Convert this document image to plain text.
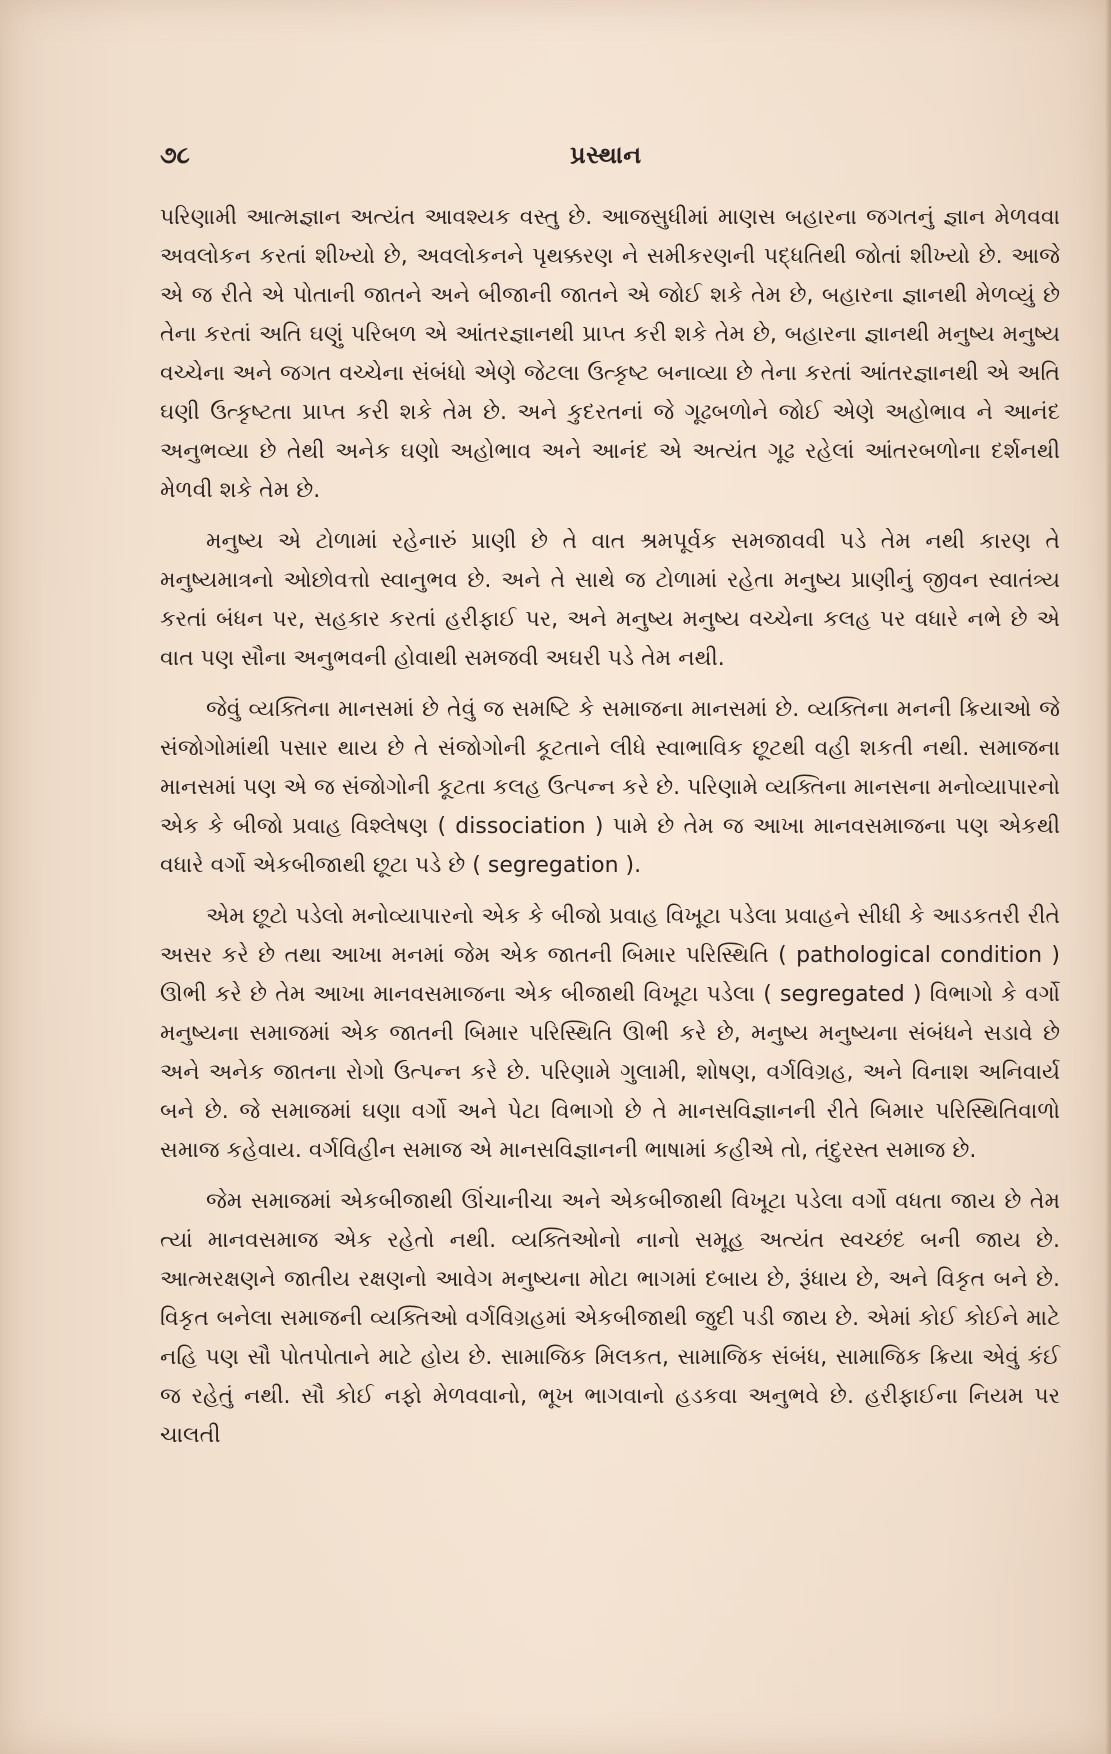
૭૮	પ્રસ્થાન

પરિણામી આત્મજ્ઞાન અત્યંત આવશ્યક વસ્તુ છે. આજસુધીમાં માણસ બહારના જગતનું જ્ઞાન મેળવવા અવલોકન કરતાં શીખ્યો છે, અવલોકનને પૃથક્કરણ ને સમીકરણની પદ્ધતિથી જોતાં શીખ્યો છે. આજે એ જ રીતે એ પોતાની જાતને અને બીજાની જાતને એ જોઈ શકે તેમ છે, બહારના જ્ઞાનથી મેળવ્યું છે તેના કરતાં અતિ ઘણું પરિબળ એ આંતરજ્ઞાનથી પ્રાપ્ત કરી શકે તેમ છે, બહારના જ્ઞાનથી મનુષ્ય મનુષ્ય વચ્ચેના અને જગત વચ્ચેના સંબંધો એણે જેટલા ઉત્કૃષ્ટ બનાવ્યા છે તેના કરતાં આંતરજ્ઞાનથી એ અતિ ઘણી ઉત્કૃષ્ટતા પ્રાપ્ત કરી શકે તેમ છે. અને કુદરતનાં જે ગૂઢબળોને જોઈ એણે અહોભાવ ને આનંદ અનુભવ્યા છે તેથી અનેક ઘણો અહોભાવ અને આનંદ એ અત્યંત ગૂઢ રહેલાં આંતરબળોના દર્શનથી મેળવી શકે તેમ છે.

મનુષ્ય એ ટોળામાં રહેનારું પ્રાણી છે તે વાત શ્રમપૂર્વક સમજાવવી પડે તેમ નથી કારણ તે મનુષ્યમાત્રનો ઓછોવત્તો સ્વાનુભવ છે. અને તે સાથે જ ટોળામાં રહેતા મનુષ્ય પ્રાણીનું જીવન સ્વાતંત્ર્ય કરતાં બંધન પર, સહકાર કરતાં હરીફાઈ પર, અને મનુષ્ય મનુષ્ય વચ્ચેના કલહ પર વધારે નભે છે એ વાત પણ સૌના અનુભવની હોવાથી સમજવી અઘરી પડે તેમ નથી.

જેવું વ્યક્તિના માનસમાં છે તેવું જ સમષ્ટિ કે સમાજના માનસમાં છે. વ્યક્તિના મનની ક્રિયાઓ જે સંજોગોમાંથી પસાર થાય છે તે સંજોગોની કૂટતાને લીધે સ્વાભાવિક છૂટથી વહી શકતી નથી. સમાજના માનસમાં પણ એ જ સંજોગોની કૂટતા કલહ ઉત્પન્ન કરે છે. પરિણામે વ્યક્તિના માનસના મનોવ્યાપારનો એક કે બીજો પ્રવાહ વિશ્લેષણ ( dissociation ) પામે છે તેમ જ આખા માનવસમાજના પણ એકથી વધારે વર્ગો એકબીજાથી છૂટા પડે છે ( segregation ).

એમ છૂટો પડેલો મનોવ્યાપારનો એક કે બીજો પ્રવાહ વિખૂટા પડેલા પ્રવાહને સીધી કે આડકતરી રીતે અસર કરે છે તથા આખા મનમાં જેમ એક જાતની બિમાર પરિસ્થિતિ ( pathological condition ) ઊભી કરે છે તેમ આખા માનવસમાજના એક બીજાથી વિખૂટા પડેલા ( segregated ) વિભાગો કે વર્ગો મનુષ્યના સમાજમાં એક જાતની બિમાર પરિસ્થિતિ ઊભી કરે છે, મનુષ્ય મનુષ્યના સંબંધને સડાવે છે અને અનેક જાતના રોગો ઉત્પન્ન કરે છે. પરિણામે ગુલામી, શોષણ, વર્ગવિગ્રહ, અને વિનાશ અનિવાર્ય બને છે. જે સમાજમાં ઘણા વર્ગો અને પેટા વિભાગો છે તે માનસવિજ્ઞાનની રીતે બિમાર પરિસ્થિતિવાળો સમાજ કહેવાય. વર્ગવિહીન સમાજ એ માનસવિજ્ઞાનની ભાષામાં કહીએ તો, તંદુરસ્ત સમાજ છે.

જેમ સમાજમાં એકબીજાથી ઊંચાનીચા અને એકબીજાથી વિખૂટા પડેલા વર્ગો વધતા જાય છે તેમ ત્યાં માનવસમાજ એક રહેતો નથી. વ્યક્તિઓનો નાનો સમૂહ અત્યંત સ્વચ્છંદ બની જાય છે. આત્મરક્ષણને જાતીય રક્ષણનો આવેગ મનુષ્યના મોટા ભાગમાં દબાય છે, રૂંધાય છે, અને વિકૃત બને છે. વિકૃત બનેલા સમાજની વ્યક્તિઓ વર્ગવિગ્રહમાં એકબીજાથી જુદી પડી જાય છે. એમાં કોઈ કોઈને માટે નહિ પણ સૌ પોતપોતાને માટે હોય છે. સામાજિક મિલકત, સામાજિક સંબંધ, સામાજિક ક્રિયા એવું કંઈ જ રહેતું નથી. સૌ કોઈ નફો મેળવવાનો, ભૂખ ભાગવાનો હડકવા અનુભવે છે. હરીફાઈના નિયમ પર ચાલતી
